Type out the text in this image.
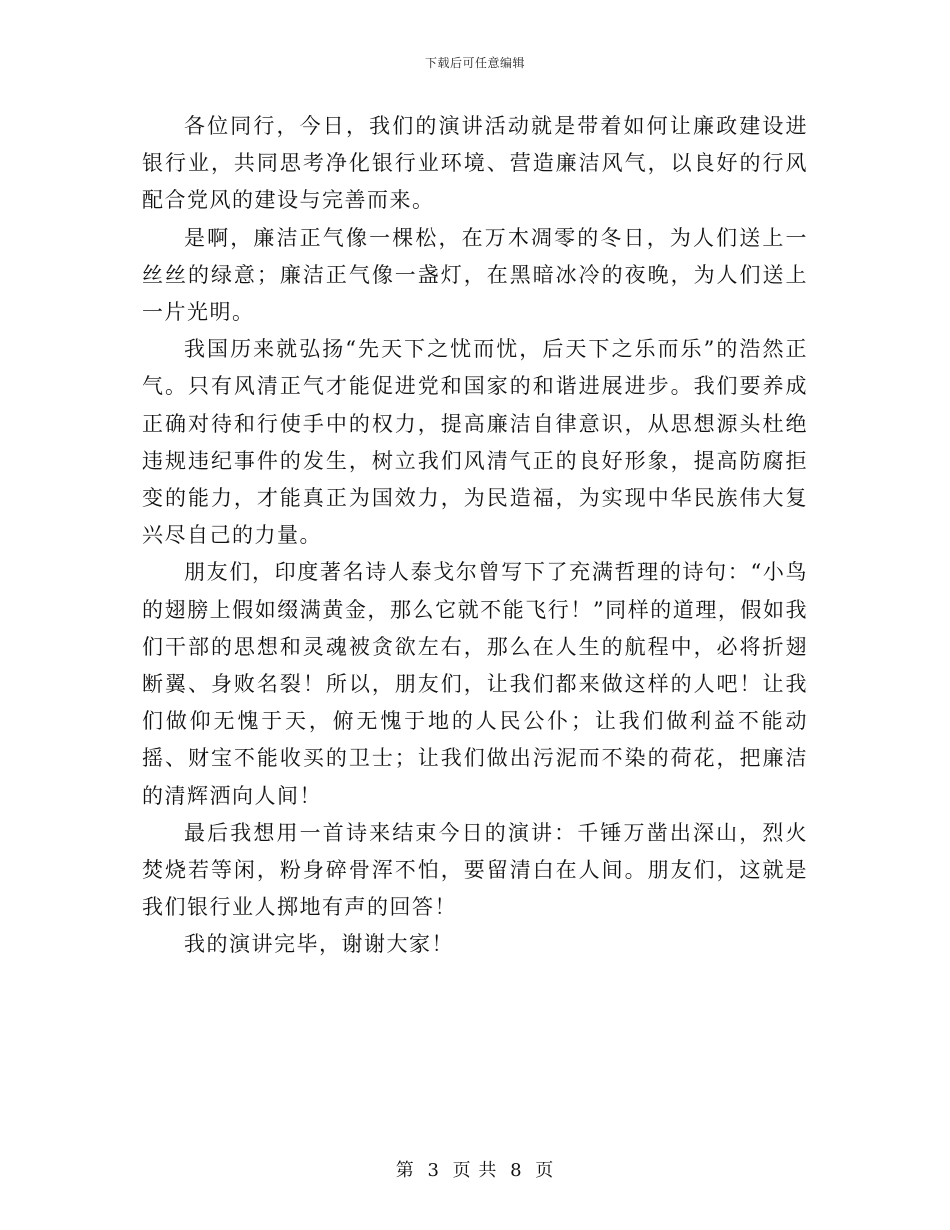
下载后可任意编辑

各位同行，今日，我们的演讲活动就是带着如何让廉政建设进银行业，共同思考净化银行业环境、营造廉洁风气，以良好的行风配合党风的建设与完善而来。

是啊，廉洁正气像一棵松，在万木凋零的冬日，为人们送上一丝丝的绿意；廉洁正气像一盏灯，在黑暗冰冷的夜晚，为人们送上一片光明。

我国历来就弘扬“先天下之忧而忧，后天下之乐而乐”的浩然正气。只有风清正气才能促进党和国家的和谐进展进步。我们要养成正确对待和行使手中的权力，提高廉洁自律意识，从思想源头杜绝违规违纪事件的发生，树立我们风清气正的良好形象，提高防腐拒变的能力，才能真正为国效力，为民造福，为实现中华民族伟大复兴尽自己的力量。

朋友们，印度著名诗人泰戈尔曾写下了充满哲理的诗句：“小鸟的翅膀上假如缀满黄金，那么它就不能飞行！”同样的道理，假如我们干部的思想和灵魂被贪欲左右，那么在人生的航程中，必将折翅断翼、身败名裂！所以，朋友们，让我们都来做这样的人吧！让我们做仰无愧于天，俯无愧于地的人民公仆；让我们做利益不能动摇、财宝不能收买的卫士；让我们做出污泥而不染的荷花，把廉洁的清辉洒向人间！

最后我想用一首诗来结束今日的演讲：千锤万凿出深山，烈火焚烧若等闲，粉身碎骨浑不怕，要留清白在人间。朋友们，这就是我们银行业人掷地有声的回答！

我的演讲完毕，谢谢大家！

第 3 页 共 8 页
